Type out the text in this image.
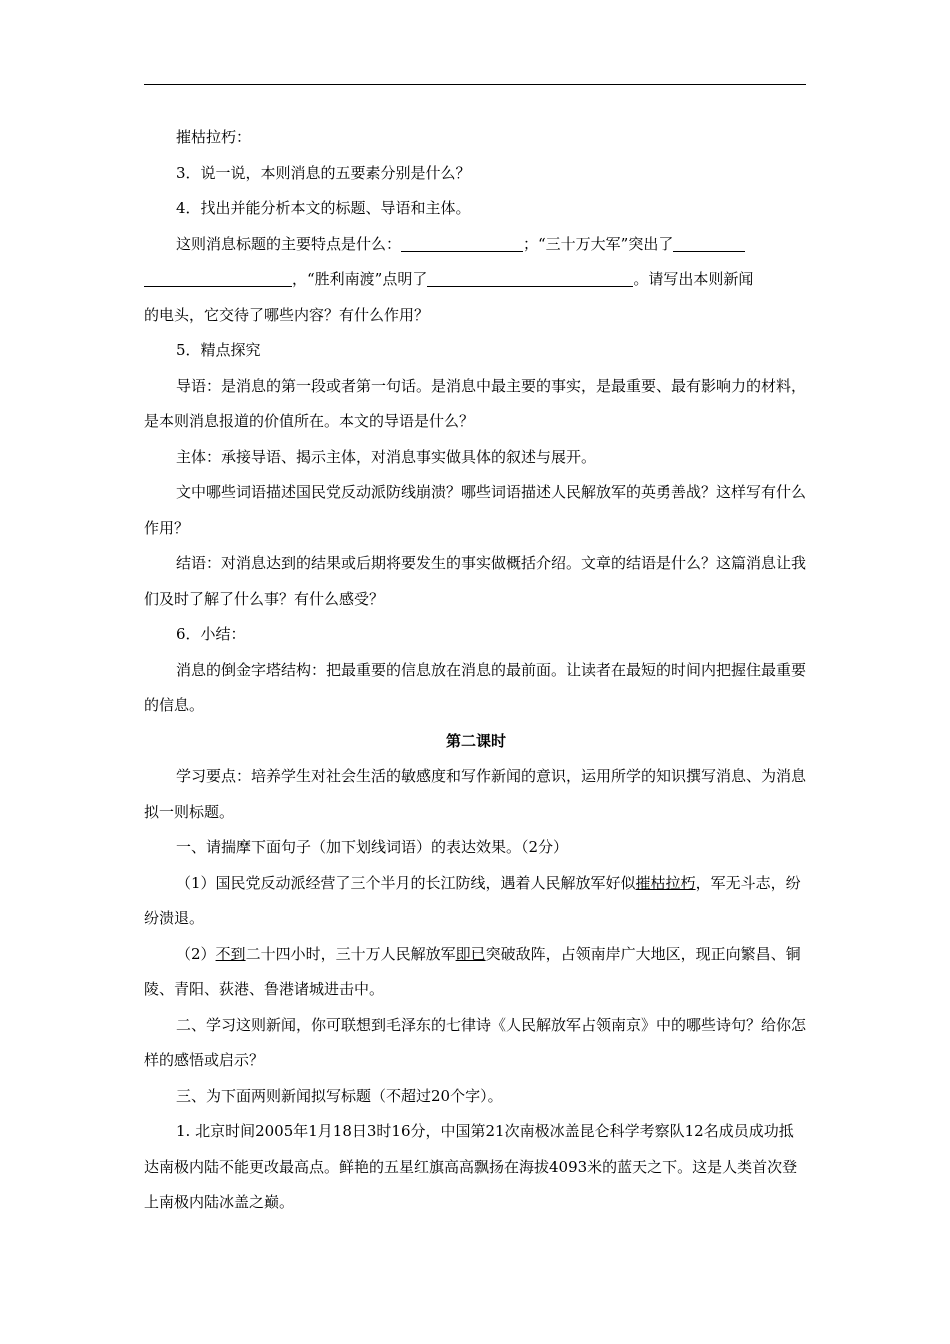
摧枯拉朽：

3．说一说，本则消息的五要素分别是什么？

4．找出并能分析本文的标题、导语和主体。

这则消息标题的主要特点是什么：	；“三十万大军”突出了

，“胜利南渡”点明了	。请写出本则新闻

的电头，它交待了哪些内容？有什么作用？

5．精点探究

导语：是消息的第一段或者第一句话。是消息中最主要的事实，是最重要、最有影响力的材料，是本则消息报道的价值所在。本文的导语是什么？

主体：承接导语、揭示主体，对消息事实做具体的叙述与展开。

文中哪些词语描述国民党反动派防线崩溃？哪些词语描述人民解放军的英勇善战？这样写有什么作用？

结语：对消息达到的结果或后期将要发生的事实做概括介绍。文章的结语是什么？这篇消息让我们及时了解了什么事？有什么感受？

6．小结：

消息的倒金字塔结构：把最重要的信息放在消息的最前面。让读者在最短的时间内把握住最重要的信息。

第二课时

学习要点：培养学生对社会生活的敏感度和写作新闻的意识，运用所学的知识撰写消息、为消息拟一则标题。

一、请揣摩下面句子（加下划线词语）的表达效果。（2分）

（1）国民党反动派经营了三个半月的长江防线，遇着人民解放军好似摧枯拉朽，军无斗志，纷纷溃退。

（2）不到二十四小时，三十万人民解放军即已突破敌阵，占领南岸广大地区，现正向繁昌、铜陵、青阳、荻港、鲁港诸城进击中。

二、学习这则新闻，你可联想到毛泽东的七律诗《人民解放军占领南京》中的哪些诗句？给你怎样的感悟或启示？

三、为下面两则新闻拟写标题（不超过20个字）。

1. 北京时间2005年1月18日3时16分，中国第21次南极冰盖昆仑科学考察队12名成员成功抵达南极内陆不能更改最高点。鲜艳的五星红旗高高飘扬在海拔4093米的蓝天之下。这是人类首次登上南极内陆冰盖之巅。
